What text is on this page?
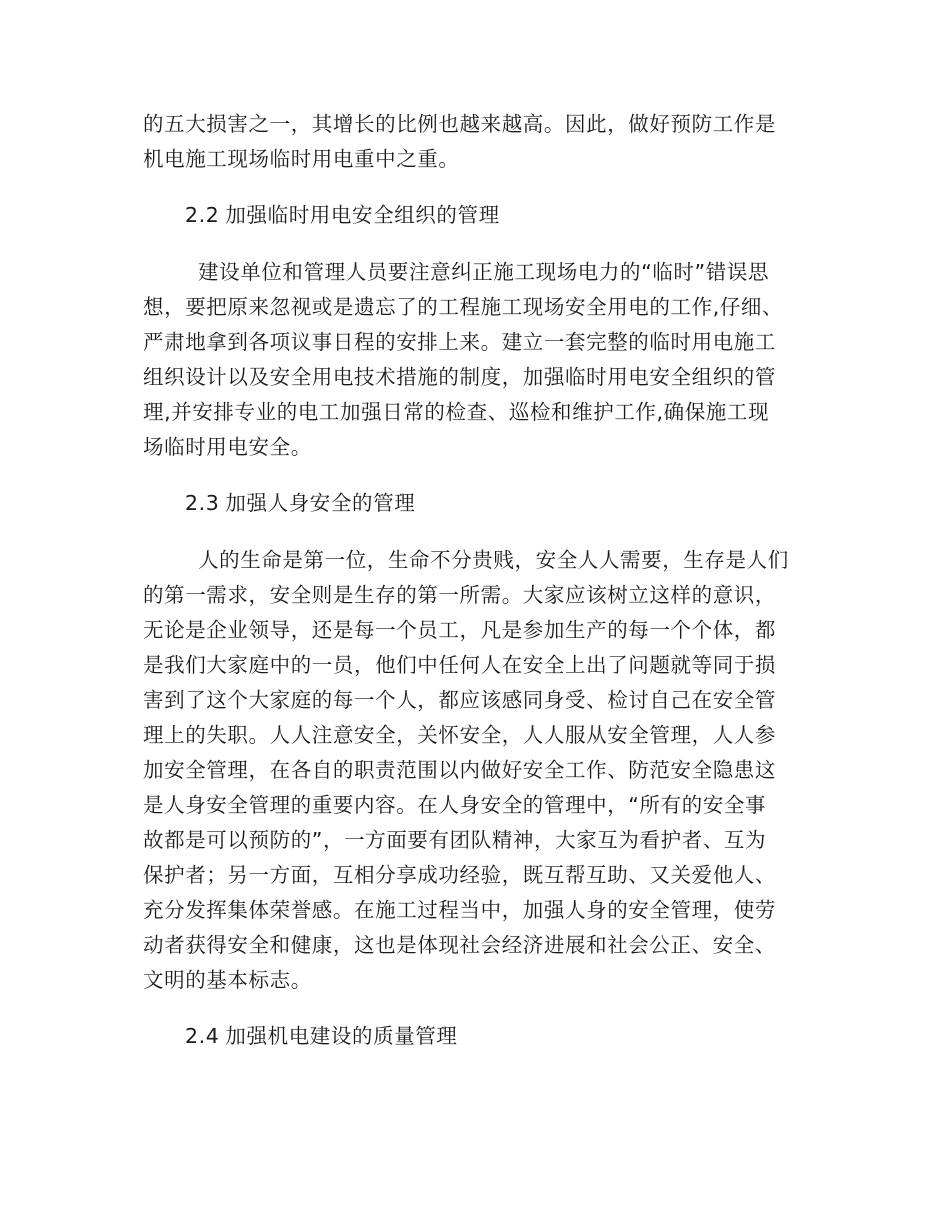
的五大损害之一，其增长的比例也越来越高。因此，做好预防工作是
机电施工现场临时用电重中之重。
2.2 加强临时用电安全组织的管理
建设单位和管理人员要注意纠正施工现场电力的“临时”错误思
想，要把原来忽视或是遗忘了的工程施工现场安全用电的工作,仔细、
严肃地拿到各项议事日程的安排上来。建立一套完整的临时用电施工
组织设计以及安全用电技术措施的制度，加强临时用电安全组织的管
理,并安排专业的电工加强日常的检查、巡检和维护工作,确保施工现
场临时用电安全。
2.3 加强人身安全的管理
人的生命是第一位，生命不分贵贱，安全人人需要，生存是人们
的第一需求，安全则是生存的第一所需。大家应该树立这样的意识，
无论是企业领导，还是每一个员工，凡是参加生产的每一个个体，都
是我们大家庭中的一员，他们中任何人在安全上出了问题就等同于损
害到了这个大家庭的每一个人，都应该感同身受、检讨自己在安全管
理上的失职。人人注意安全，关怀安全，人人服从安全管理，人人参
加安全管理，在各自的职责范围以内做好安全工作、防范安全隐患这
是人身安全管理的重要内容。在人身安全的管理中，“所有的安全事
故都是可以预防的”，一方面要有团队精神，大家互为看护者、互为
保护者；另一方面，互相分享成功经验，既互帮互助、又关爱他人、
充分发挥集体荣誉感。在施工过程当中，加强人身的安全管理，使劳
动者获得安全和健康，这也是体现社会经济进展和社会公正、安全、
文明的基本标志。
2.4 加强机电建设的质量管理
